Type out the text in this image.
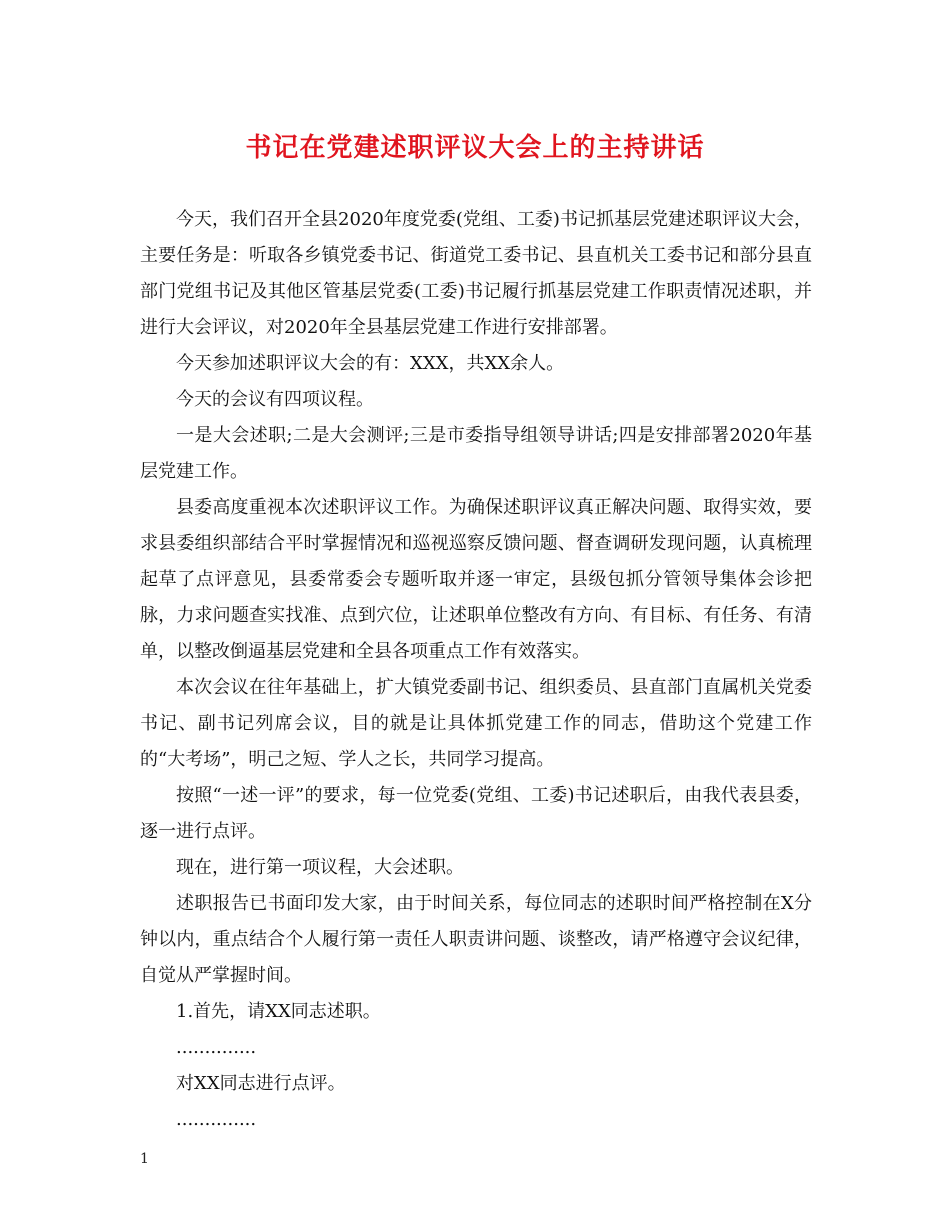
书记在党建述职评议大会上的主持讲话

今天，我们召开全县2020年度党委(党组、工委)书记抓基层党建述职评议大会，主要任务是：听取各乡镇党委书记、街道党工委书记、县直机关工委书记和部分县直部门党组书记及其他区管基层党委(工委)书记履行抓基层党建工作职责情况述职，并进行大会评议，对2020年全县基层党建工作进行安排部署。

今天参加述职评议大会的有：XXX，共XX余人。

今天的会议有四项议程。

一是大会述职;二是大会测评;三是市委指导组领导讲话;四是安排部署2020年基层党建工作。

县委高度重视本次述职评议工作。为确保述职评议真正解决问题、取得实效，要求县委组织部结合平时掌握情况和巡视巡察反馈问题、督查调研发现问题，认真梳理起草了点评意见，县委常委会专题听取并逐一审定，县级包抓分管领导集体会诊把脉，力求问题查实找准、点到穴位，让述职单位整改有方向、有目标、有任务、有清单，以整改倒逼基层党建和全县各项重点工作有效落实。

本次会议在往年基础上，扩大镇党委副书记、组织委员、县直部门直属机关党委书记、副书记列席会议，目的就是让具体抓党建工作的同志，借助这个党建工作的“大考场”，明己之短、学人之长，共同学习提高。

按照“一述一评”的要求，每一位党委(党组、工委)书记述职后，由我代表县委，逐一进行点评。

现在，进行第一项议程，大会述职。

述职报告已书面印发大家，由于时间关系，每位同志的述职时间严格控制在X分钟以内，重点结合个人履行第一责任人职责讲问题、谈整改，请严格遵守会议纪律，自觉从严掌握时间。

1.首先，请XX同志述职。

..............

对XX同志进行点评。

..............

1
